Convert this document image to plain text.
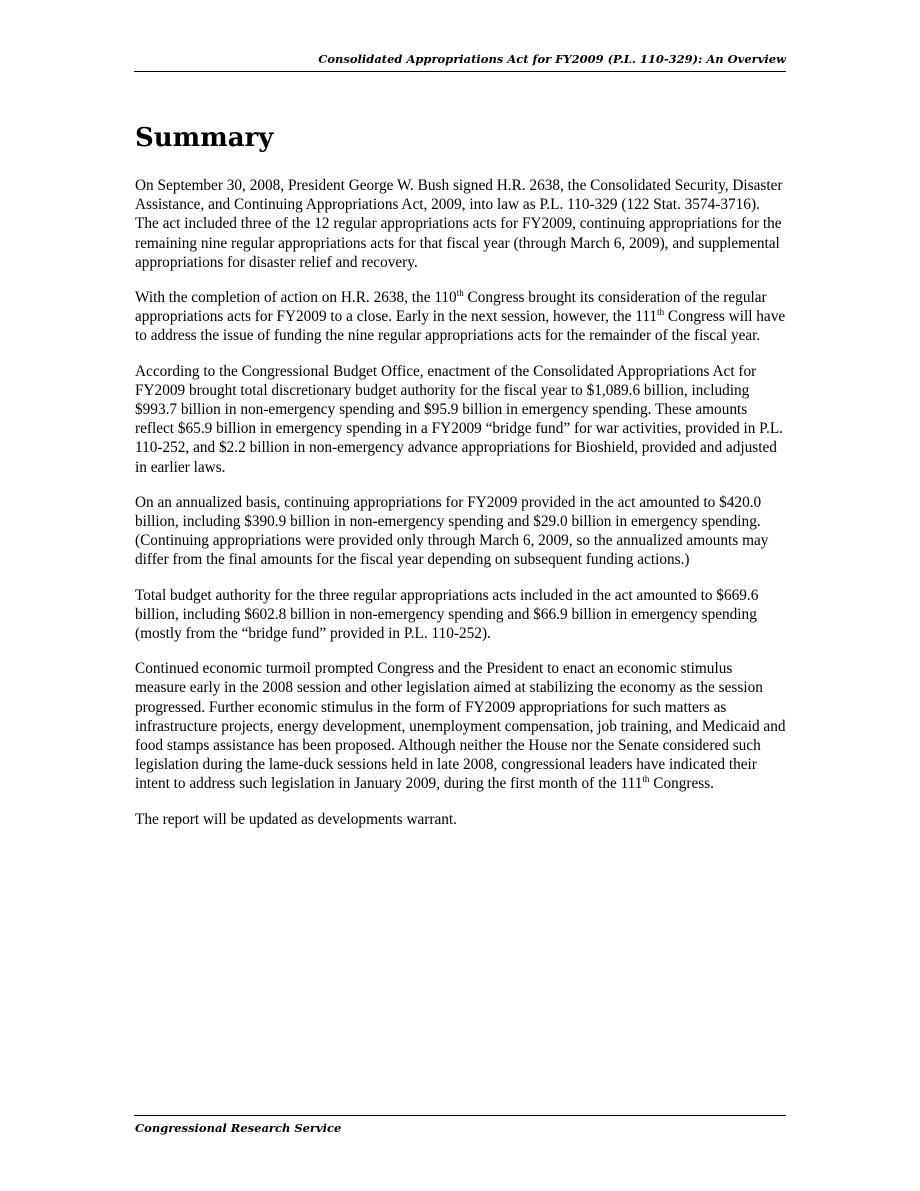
Consolidated Appropriations Act for FY2009 (P.L. 110-329): An Overview
Summary

On September 30, 2008, President George W. Bush signed H.R. 2638, the Consolidated Security, Disaster Assistance, and Continuing Appropriations Act, 2009, into law as P.L. 110-329 (122 Stat. 3574-3716). The act included three of the 12 regular appropriations acts for FY2009, continuing appropriations for the remaining nine regular appropriations acts for that fiscal year (through March 6, 2009), and supplemental appropriations for disaster relief and recovery.

With the completion of action on H.R. 2638, the 110th Congress brought its consideration of the regular appropriations acts for FY2009 to a close. Early in the next session, however, the 111th Congress will have to address the issue of funding the nine regular appropriations acts for the remainder of the fiscal year.

According to the Congressional Budget Office, enactment of the Consolidated Appropriations Act for FY2009 brought total discretionary budget authority for the fiscal year to $1,089.6 billion, including $993.7 billion in non-emergency spending and $95.9 billion in emergency spending. These amounts reflect $65.9 billion in emergency spending in a FY2009 “bridge fund” for war activities, provided in P.L. 110-252, and $2.2 billion in non-emergency advance appropriations for Bioshield, provided and adjusted in earlier laws.

On an annualized basis, continuing appropriations for FY2009 provided in the act amounted to $420.0 billion, including $390.9 billion in non-emergency spending and $29.0 billion in emergency spending. (Continuing appropriations were provided only through March 6, 2009, so the annualized amounts may differ from the final amounts for the fiscal year depending on subsequent funding actions.)

Total budget authority for the three regular appropriations acts included in the act amounted to $669.6 billion, including $602.8 billion in non-emergency spending and $66.9 billion in emergency spending (mostly from the “bridge fund” provided in P.L. 110-252).

Continued economic turmoil prompted Congress and the President to enact an economic stimulus measure early in the 2008 session and other legislation aimed at stabilizing the economy as the session progressed. Further economic stimulus in the form of FY2009 appropriations for such matters as infrastructure projects, energy development, unemployment compensation, job training, and Medicaid and food stamps assistance has been proposed. Although neither the House nor the Senate considered such legislation during the lame-duck sessions held in late 2008, congressional leaders have indicated their intent to address such legislation in January 2009, during the first month of the 111th Congress.

The report will be updated as developments warrant.

Congressional Research Service
